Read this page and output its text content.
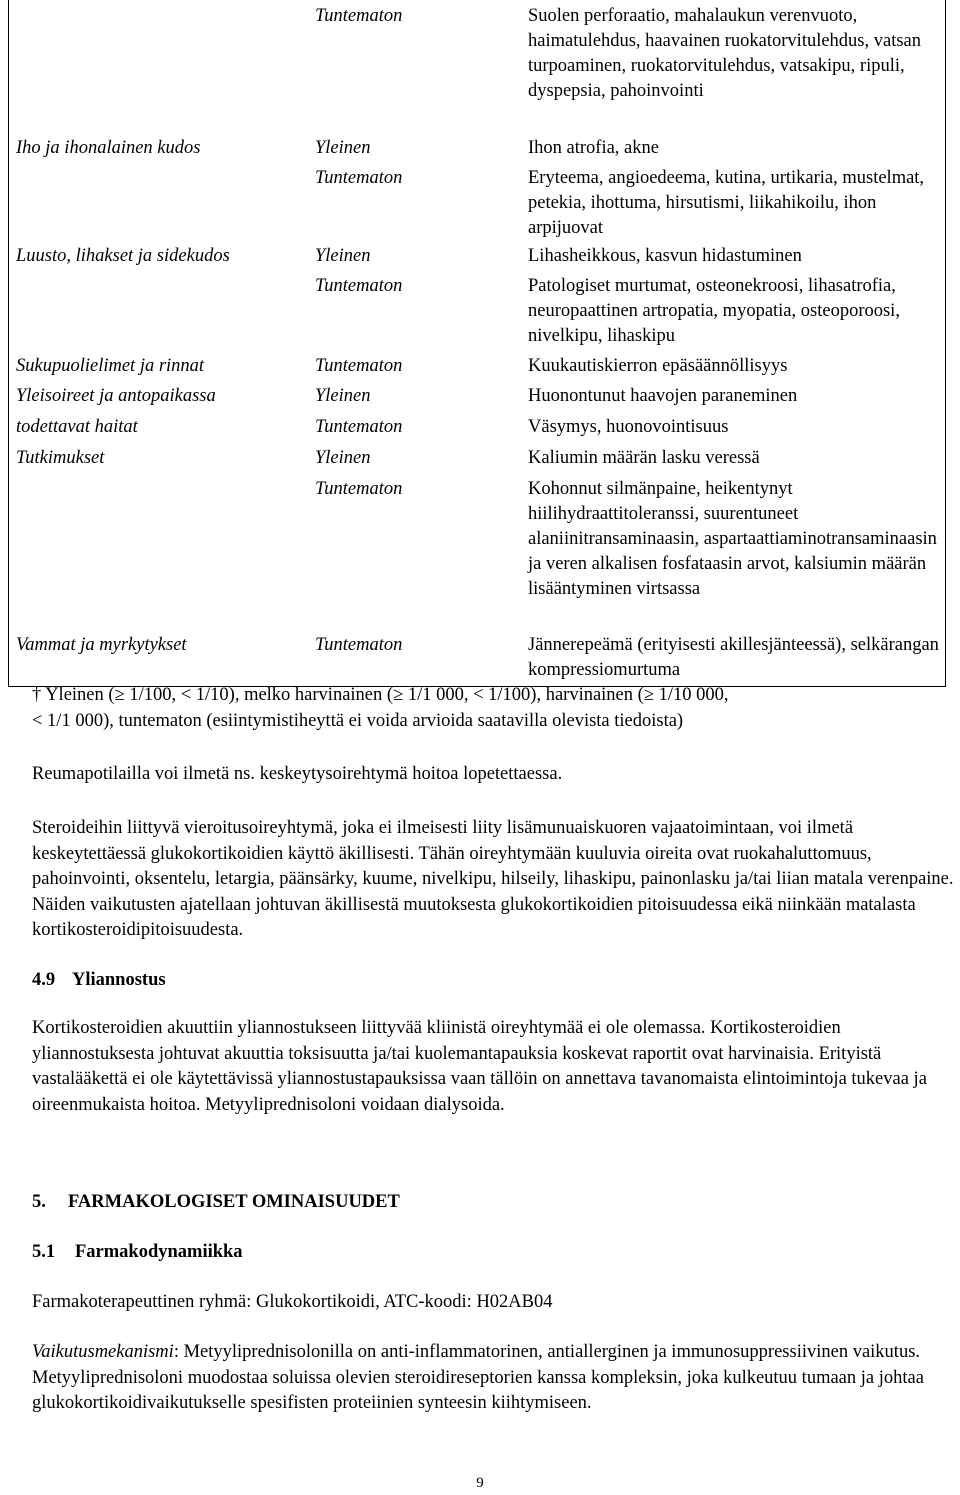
Tuntematon	Suolen perforaatio, mahalaukun verenvuoto, haimatulehdus, haavainen ruokatorvitulehdus, vatsan turpoaminen, ruokatorvitulehdus, vatsakipu, ripuli, dyspepsia, pahoinvointi
Iho ja ihonalainen kudos	Yleinen	Ihon atrofia, akne
Tuntematon	Eryteema, angioedeema, kutina, urtikaria, mustelmat, petekia, ihottuma, hirsutismi, liikahikoilu, ihon arpijuovat
Luusto, lihakset ja sidekudos	Yleinen	Lihasheikkous, kasvun hidastuminen
Tuntematon	Patologiset murtumat, osteonekroosi, lihasatrofia, neuropaattinen artropatia, myopatia, osteoporoosi, nivelkipu, lihaskipu
Sukupuolielimet ja rinnat	Tuntematon	Kuukautiskierron epäsäännöllisyys
Yleisoireet ja antopaikassa	Yleinen	Huonontunut haavojen paraneminen
todettavat haitat	Tuntematon	Väsymys, huonovointisuus
Tutkimukset	Yleinen	Kaliumin määrän lasku veressä
Tuntematon	Kohonnut silmänpaine, heikentynyt hiilihydraattitoleranssi, suurentuneet alaniinitransaminaasin, aspartaattiaminotransaminaasin ja veren alkalisen fosfataasin arvot, kalsiumin määrän lisääntyminen virtsassa
Vammat ja myrkytykset	Tuntematon	Jännerepeämä (erityisesti akillesjänteessä), selkärangan kompressiomurtuma
† Yleinen (≥ 1/100, < 1/10), melko harvinainen (≥ 1/1 000, < 1/100), harvinainen (≥ 1/10 000,
< 1/1 000), tuntematon (esiintymistiheyttä ei voida arvioida saatavilla olevista tiedoista)

Reumapotilailla voi ilmetä ns. keskeytysoirehtymä hoitoa lopetettaessa.

Steroideihin liittyvä vieroitusoireyhtymä, joka ei ilmeisesti liity lisämunuaiskuoren vajaatoimintaan, voi ilmetä keskeytettäessä glukokortikoidien käyttö äkillisesti. Tähän oireyhtymään kuuluvia oireita ovat ruokahaluttomuus, pahoinvointi, oksentelu, letargia, päänsärky, kuume, nivelkipu, hilseily, lihaskipu, painonlasku ja/tai liian matala verenpaine. Näiden vaikutusten ajatellaan johtuvan äkillisestä muutoksesta glukokortikoidien pitoisuudessa eikä niinkään matalasta kortikosteroidipitoisuudesta.

4.9 Yliannostus

Kortikosteroidien akuuttiin yliannostukseen liittyvää kliinistä oireyhtymää ei ole olemassa. Kortikosteroidien yliannostuksesta johtuvat akuuttia toksisuutta ja/tai kuolemantapauksia koskevat raportit ovat harvinaisia. Erityistä vastalääkettä ei ole käytettävissä yliannostustapauksissa vaan tällöin on annettava tavanomaista elintoimintoja tukevaa ja oireenmukaista hoitoa. Metyyliprednisoloni voidaan dialysoida.

5. FARMAKOLOGISET OMINAISUUDET
5.1 Farmakodynamiikka

Farmakoterapeuttinen ryhmä: Glukokortikoidi, ATC-koodi: H02AB04

Vaikutusmekanismi: Metyyliprednisolonilla on anti-inflammatorinen, antiallerginen ja immunosuppressiivinen vaikutus. Metyyliprednisoloni muodostaa soluissa olevien steroidireseptorien kanssa kompleksin, joka kulkeutuu tumaan ja johtaa glukokortikoidivaikutukselle spesifisten proteiinien synteesin kiihtymiseen.

9
